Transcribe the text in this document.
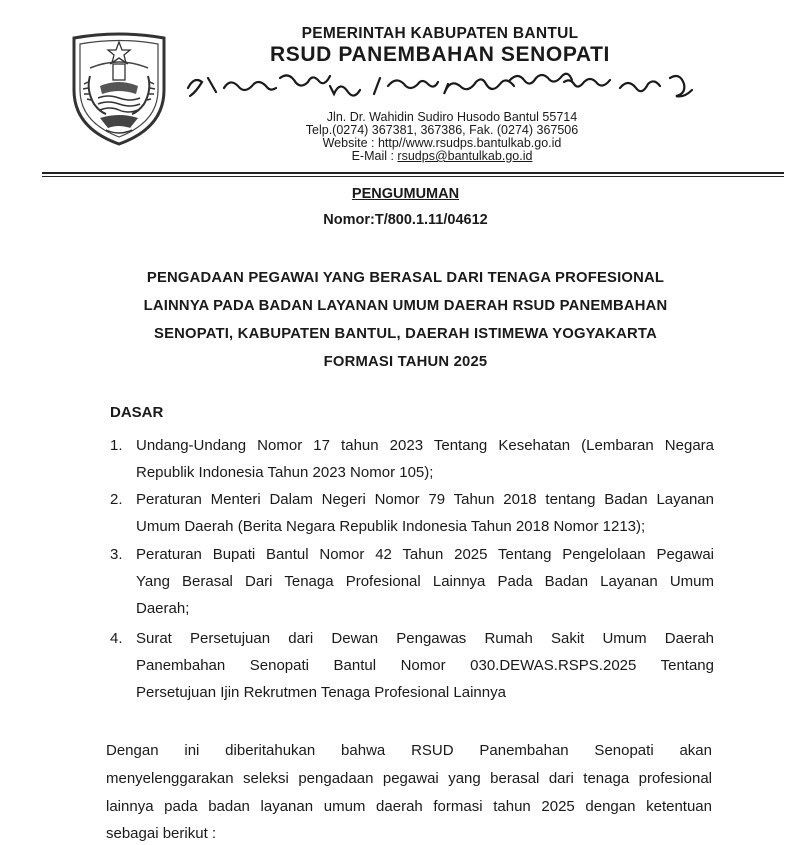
PEMERINTAH KABUPATEN BANTUL
RSUD PANEMBAHAN SENOPATI
Jln. Dr. Wahidin Sudiro Husodo Bantul 55714
Telp.(0274) 367381, 367386, Fak. (0274) 367506
Website : http//www.rsudps.bantulkab.go.id
E-Mail : rsudps@bantulkab.go.id
PENGUMUMAN
Nomor:T/800.1.11/04612
PENGADAAN PEGAWAI YANG BERASAL DARI TENAGA PROFESIONAL
LAINNYA PADA BADAN LAYANAN UMUM DAERAH RSUD PANEMBAHAN
SENOPATI, KABUPATEN BANTUL, DAERAH ISTIMEWA YOGYAKARTA
FORMASI TAHUN 2025
DASAR
1. Undang-Undang Nomor 17 tahun 2023 Tentang Kesehatan (Lembaran Negara
Republik Indonesia Tahun 2023 Nomor 105);
2. Peraturan Menteri Dalam Negeri Nomor 79 Tahun 2018 tentang Badan Layanan
Umum Daerah (Berita Negara Republik Indonesia Tahun 2018 Nomor 1213);
3. Peraturan Bupati Bantul Nomor 42 Tahun 2025 Tentang Pengelolaan Pegawai
Yang Berasal Dari Tenaga Profesional Lainnya Pada Badan Layanan Umum
Daerah;
4. Surat Persetujuan dari Dewan Pengawas Rumah Sakit Umum Daerah
Panembahan Senopati Bantul Nomor 030.DEWAS.RSPS.2025 Tentang
Persetujuan Ijin Rekrutmen Tenaga Profesional Lainnya
Dengan ini diberitahukan bahwa RSUD Panembahan Senopati akan
menyelenggarakan seleksi pengadaan pegawai yang berasal dari tenaga profesional
lainnya pada badan layanan umum daerah formasi tahun 2025 dengan ketentuan
sebagai berikut :
